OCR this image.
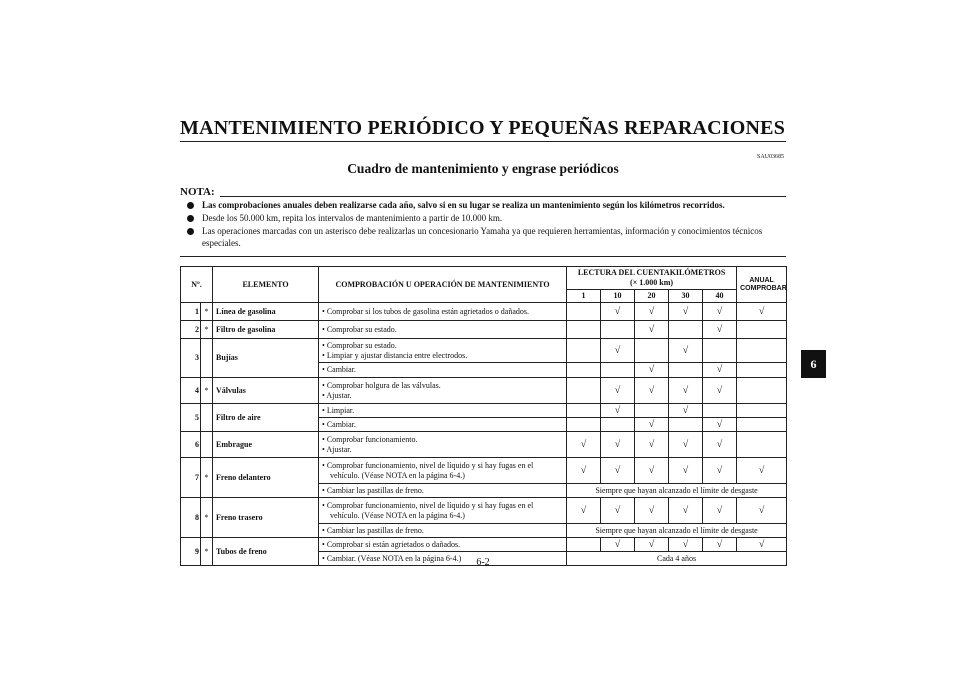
MANTENIMIENTO PERIÓDICO Y PEQUEÑAS REPARACIONES
SAU03685
Cuadro de mantenimiento y engrase periódicos
NOTA:
Las comprobaciones anuales deben realizarse cada año, salvo si en su lugar se realiza un mantenimiento según los kilómetros recorridos.
Desde los 50.000 km, repita los intervalos de mantenimiento a partir de 10.000 km.
Las operaciones marcadas con un asterisco debe realizarlas un concesionario Yamaha ya que requieren herramientas, información y conocimientos técnicos especiales.
6
Nº.		ELEMENTO	COMPROBACIÓN U OPERACIÓN DE MANTENIMIENTO	LECTURA DEL CUENTAKILÓMETROS
(× 1.000 km)					ANUAL COMPROBAR
				1	10	20	30	40	
1	*	Línea de gasolina	• Comprobar si los tubos de gasolina están agrietados o dañados.		√	√	√	√	√
2	*	Filtro de gasolina	• Comprobar su estado.			√		√	
3		Bujías	• Comprobar su estado.
• Limpiar y ajustar distancia entre electrodos.		√		√		
			• Cambiar.			√		√	
4	*	Válvulas	• Comprobar holgura de las válvulas.
• Ajustar.		√	√	√	√	
5		Filtro de aire	• Limpiar.		√		√		
			• Cambiar.			√		√	
6		Embrague	• Comprobar funcionamiento.
• Ajustar.	√	√	√	√	√	
7	*	Freno delantero	• Comprobar funcionamiento, nivel de líquido y si hay fugas en el
vehículo. (Véase NOTA en la página 6-4.)	√	√	√	√	√	√
			• Cambiar las pastillas de freno.	Siempre que hayan alcanzado el límite de desgaste					
8	*	Freno trasero	• Comprobar funcionamiento, nivel de líquido y si hay fugas en el
vehículo. (Véase NOTA en la página 6-4.)	√	√	√	√	√	√
			• Cambiar las pastillas de freno.	Siempre que hayan alcanzado el límite de desgaste					
9	*	Tubos de freno	• Comprobar si están agrietados o dañados.		√	√	√	√	√
			• Cambiar. (Véase NOTA en la página 6-4.)	Cada 4 años					
6-2
